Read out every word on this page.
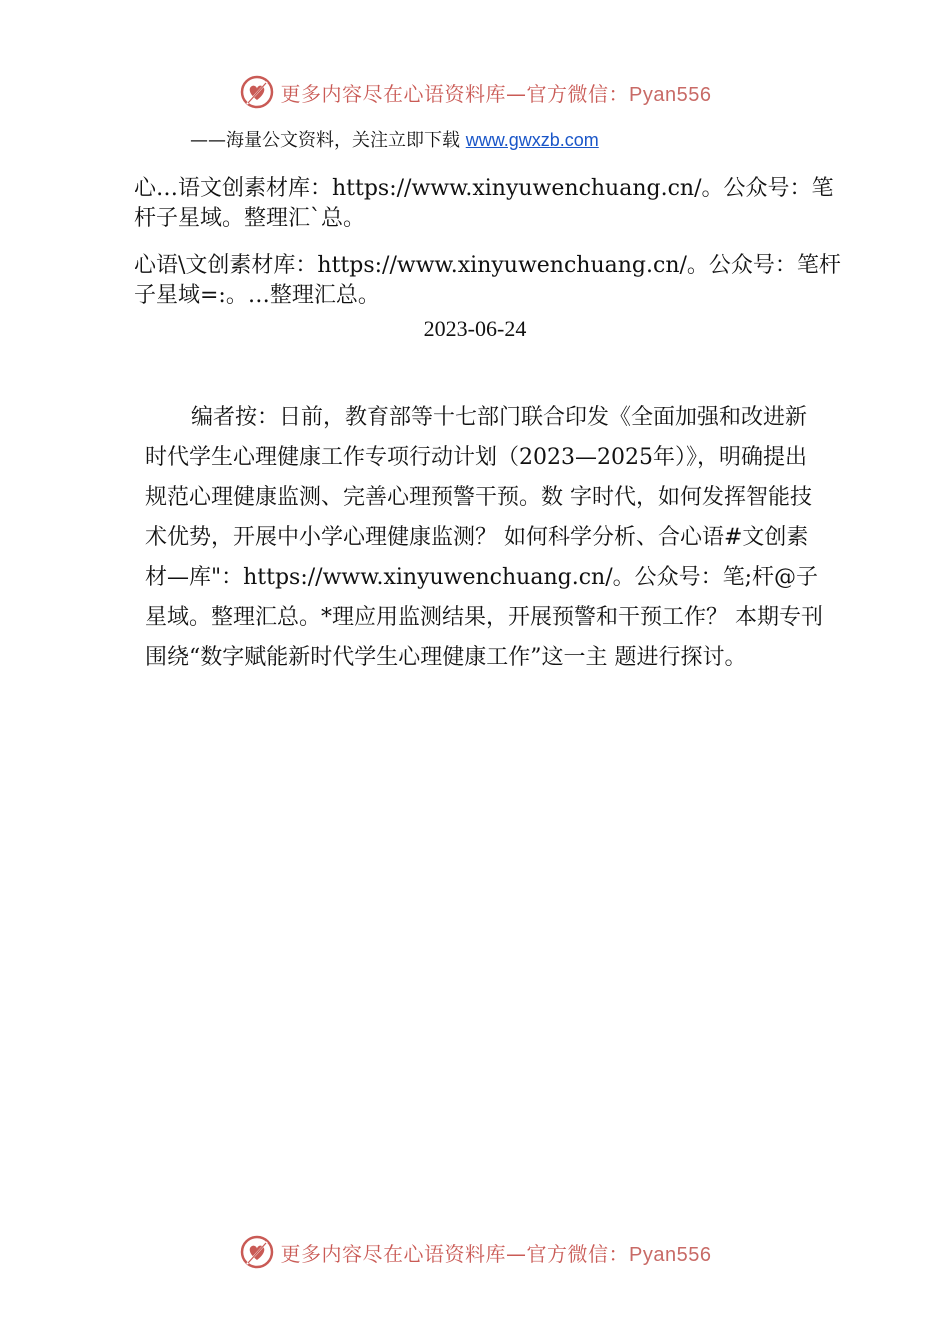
更多内容尽在心语资料库—官方微信：Pyan556
——海量公文资料，关注立即下载 www.gwxzb.com

心…语文创素材库：https://www.xinyuwenchuang.cn/。公众号：笔杆子星域。整理汇`总。

心语\文创素材库：https://www.xinyuwenchuang.cn/。公众号：笔杆子星域=:。…整理汇总。

2023-06-24

编者按：日前，教育部等十七部门联合印发《全面加强和改进新时代学生心理健康工作专项行动计划（2023—2025年）》，明确提出规范心理健康监测、完善心理预警干预。数 字时代，如何发挥智能技术优势，开展中小学心理健康监测？ 如何科学分析、合心语#文创素材—库"：https://www.xinyuwenchuang.cn/。公众号：笔;杆@子星域。整理汇总。*理应用监测结果，开展预警和干预工作？ 本期专刊围绕“数字赋能新时代学生心理健康工作”这一主 题进行探讨。

更多内容尽在心语资料库—官方微信：Pyan556
